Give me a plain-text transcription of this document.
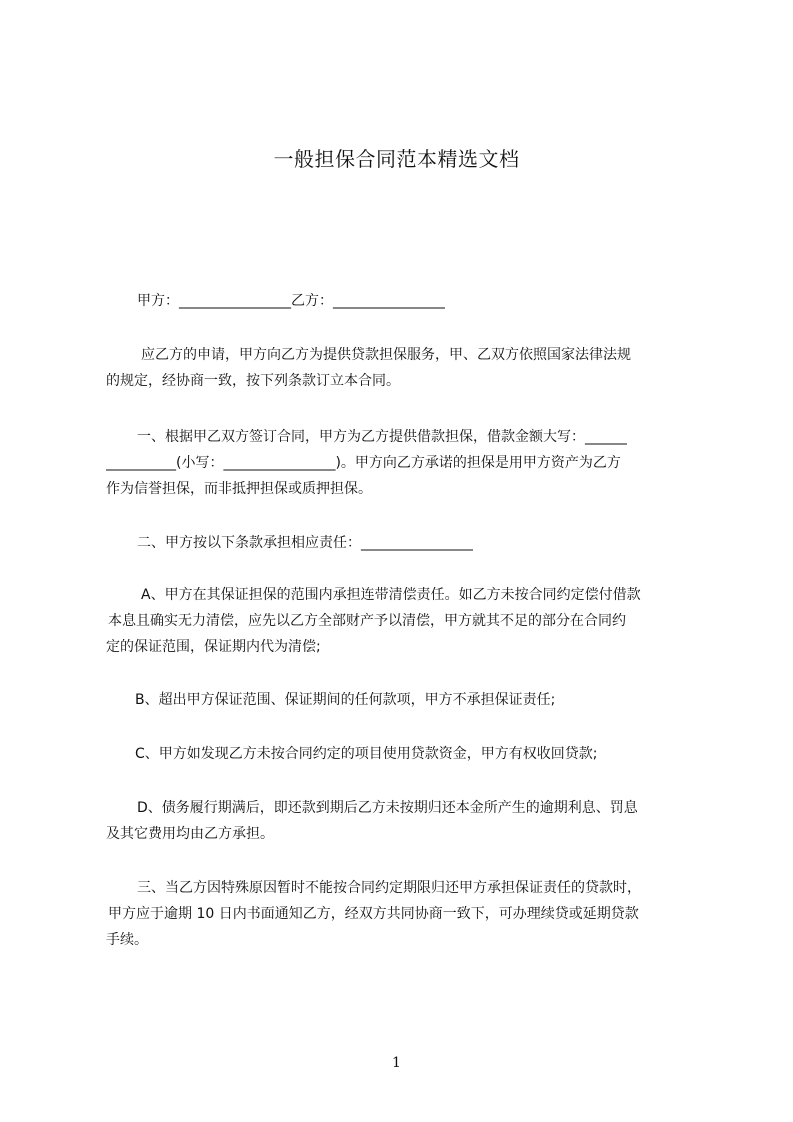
一般担保合同范本精选文档
甲方：________________乙方：________________
应乙方的申请，甲方向乙方为提供贷款担保服务，甲、乙双方依照国家法律法规
的规定，经协商一致，按下列条款订立本合同。
一、根据甲乙双方签订合同，甲方为乙方提供借款担保，借款金额大写：______
__________(小写：________________)。甲方向乙方承诺的担保是用甲方资产为乙方
作为信誉担保，而非抵押担保或质押担保。
二、甲方按以下条款承担相应责任：________________
A、甲方在其保证担保的范围内承担连带清偿责任。如乙方未按合同约定偿付借款
本息且确实无力清偿，应先以乙方全部财产予以清偿，甲方就其不足的部分在合同约
定的保证范围，保证期内代为清偿;
B、超出甲方保证范围、保证期间的任何款项，甲方不承担保证责任;
C、甲方如发现乙方未按合同约定的项目使用贷款资金，甲方有权收回贷款;
D、债务履行期满后，即还款到期后乙方未按期归还本金所产生的逾期利息、罚息
及其它费用均由乙方承担。
三、当乙方因特殊原因暂时不能按合同约定期限归还甲方承担保证责任的贷款时，
甲方应于逾期 10 日内书面通知乙方，经双方共同协商一致下，可办理续贷或延期贷款
手续。
1
